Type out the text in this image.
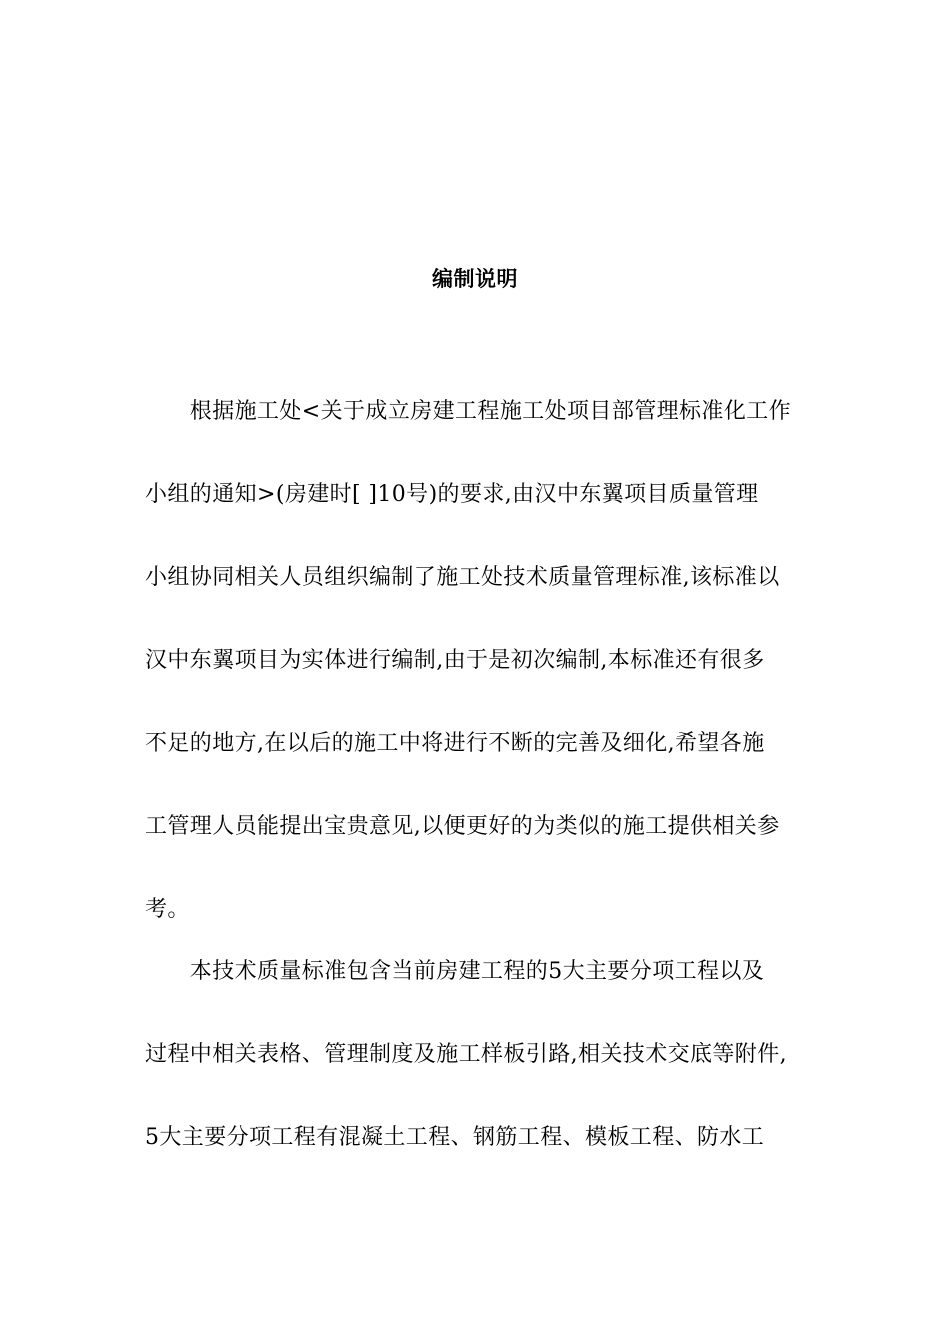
编制说明
　　根据施工处<关于成立房建工程施工处项目部管理标准化工作
小组的通知>(房建时[ ]10号)的要求,由汉中东翼项目质量管理
小组协同相关人员组织编制了施工处技术质量管理标准,该标准以
汉中东翼项目为实体进行编制,由于是初次编制,本标准还有很多
不足的地方,在以后的施工中将进行不断的完善及细化,希望各施
工管理人员能提出宝贵意见,以便更好的为类似的施工提供相关参
考。
　　本技术质量标准包含当前房建工程的5大主要分项工程以及
过程中相关表格、管理制度及施工样板引路,相关技术交底等附件,
5大主要分项工程有混凝土工程、钢筋工程、模板工程、防水工
